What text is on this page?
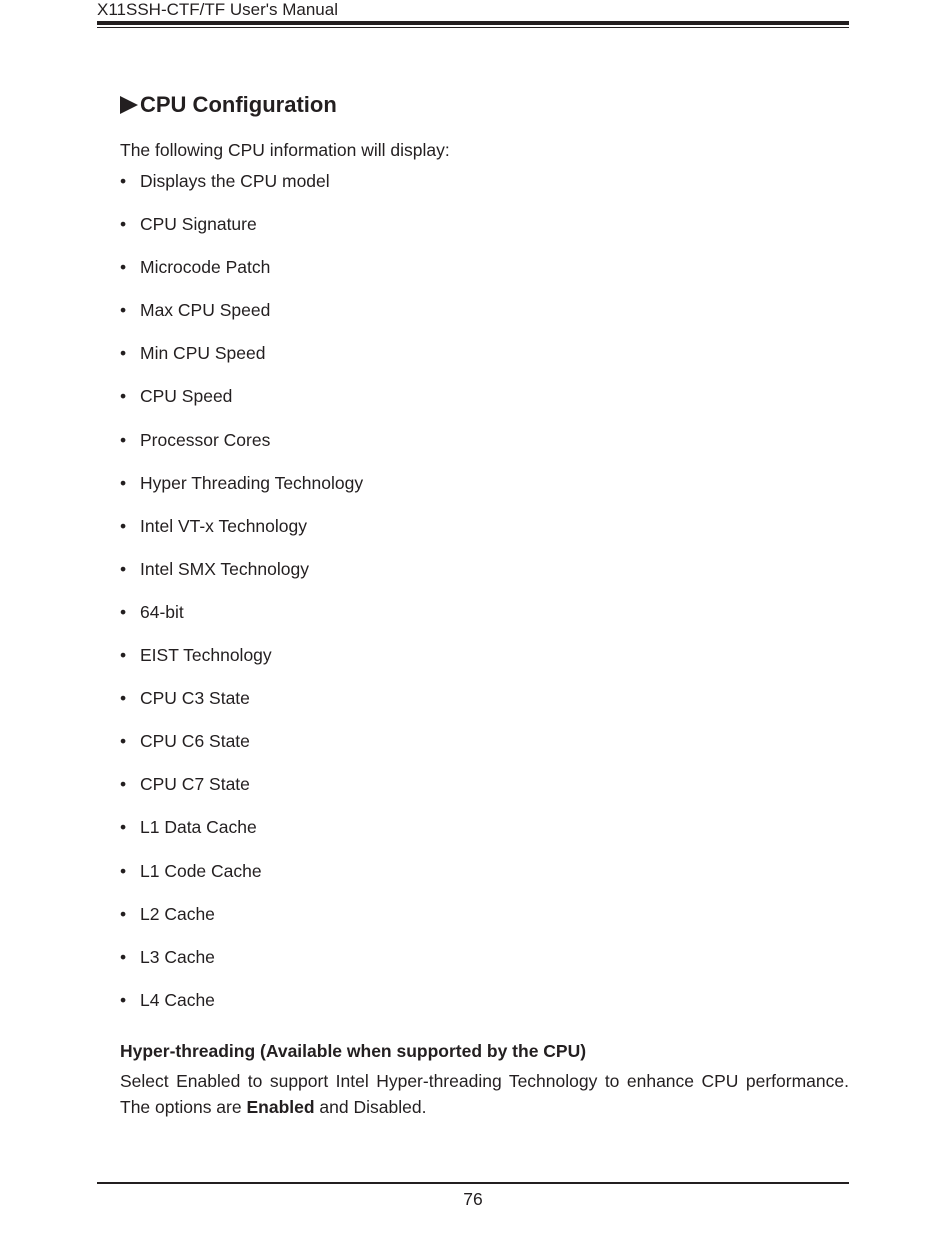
X11SSH-CTF/TF User's Manual
CPU Configuration
The following CPU information will display:
• Displays the CPU model
• CPU Signature
• Microcode Patch
• Max CPU Speed
• Min CPU Speed
• CPU Speed
• Processor Cores
• Hyper Threading Technology
• Intel VT-x Technology
• Intel SMX Technology
• 64-bit
• EIST Technology
• CPU C3 State
• CPU C6 State
• CPU C7 State
• L1 Data Cache
• L1 Code Cache
• L2 Cache
• L3 Cache
• L4 Cache
Hyper-threading (Available when supported by the CPU)
Select Enabled to support Intel Hyper-threading Technology to enhance CPU performance. The options are Enabled and Disabled.
76
